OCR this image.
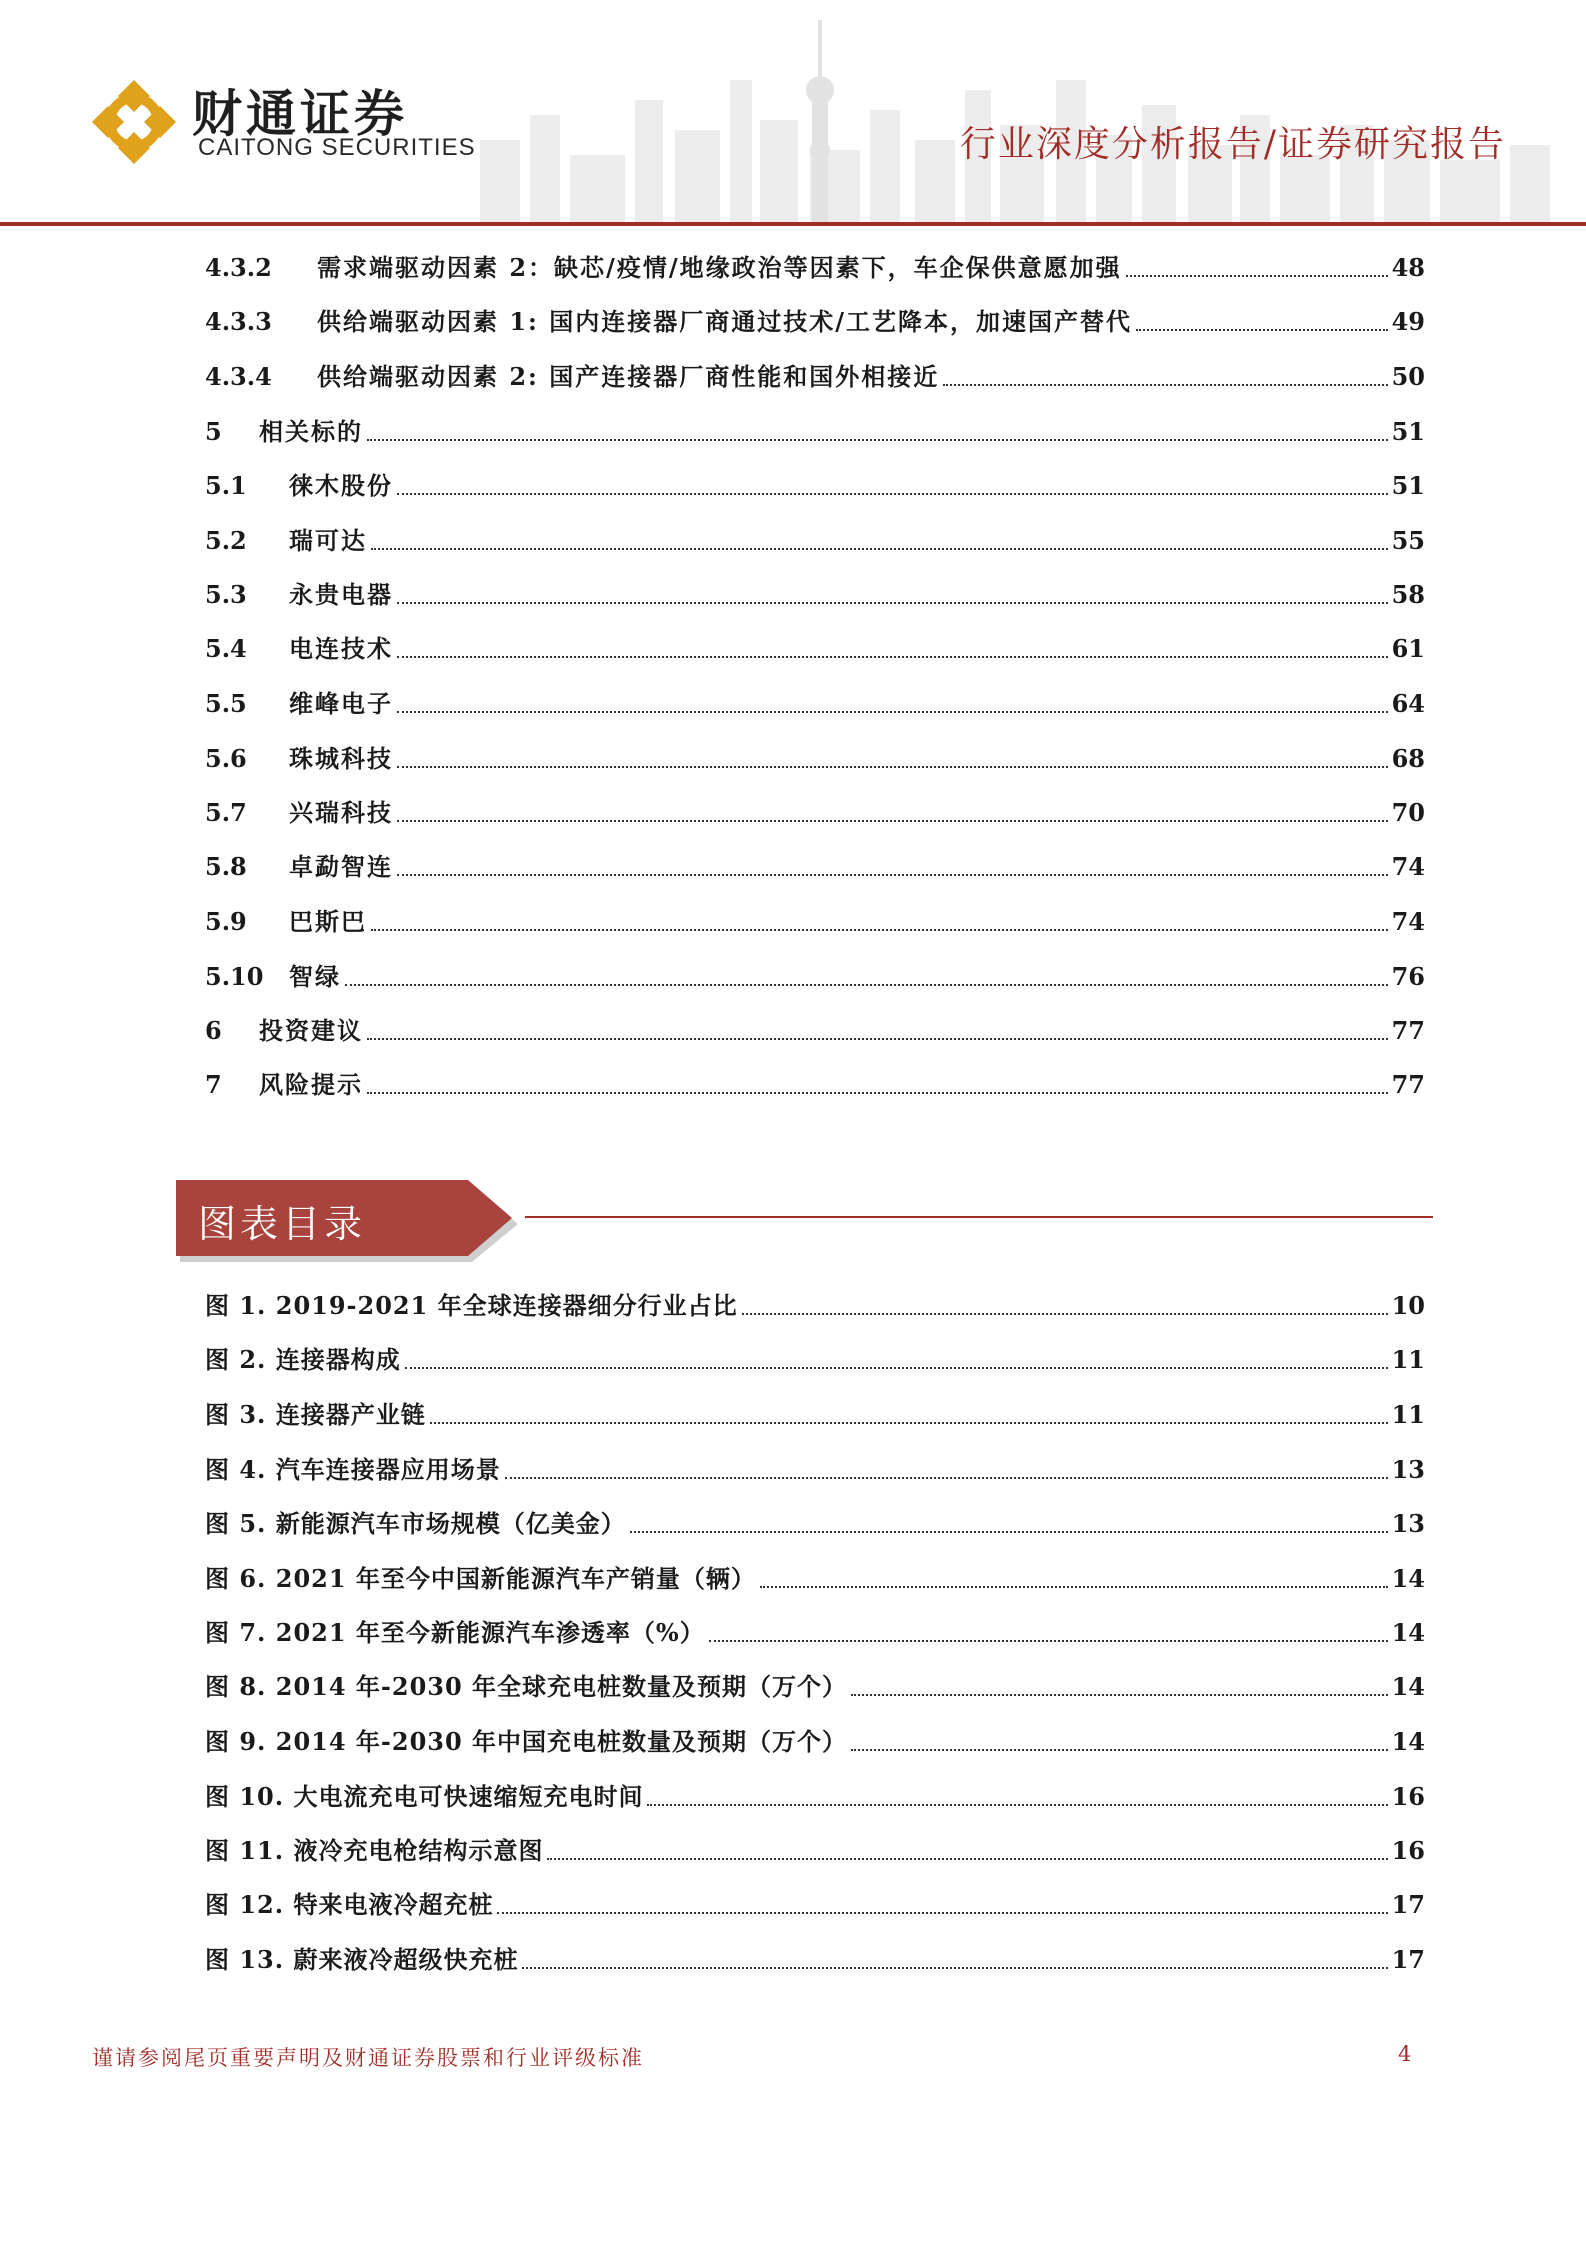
财通证券
CAITONG SECURITIES	行业深度分析报告/证券研究报告
4.3.2	需求端驱动因素 2：缺芯/疫情/地缘政治等因素下，车企保供意愿加强	48
4.3.3	供给端驱动因素 1: 国内连接器厂商通过技术/工艺降本，加速国产替代	49
4.3.4	供给端驱动因素 2: 国产连接器厂商性能和国外相接近	50
5	相关标的	51
5.1	徕木股份	51
5.2	瑞可达	55
5.3	永贵电器	58
5.4	电连技术	61
5.5	维峰电子	64
5.6	珠城科技	68
5.7	兴瑞科技	70
5.8	卓勐智连	74
5.9	巴斯巴	74
5.10	智绿	76
6	投资建议	77
7	风险提示	77
图表目录
图 1. 2019-2021 年全球连接器细分行业占比	10
图 2. 连接器构成	11
图 3. 连接器产业链	11
图 4. 汽车连接器应用场景	13
图 5. 新能源汽车市场规模（亿美金）	13
图 6. 2021 年至今中国新能源汽车产销量（辆）	14
图 7. 2021 年至今新能源汽车渗透率（%）	14
图 8. 2014 年-2030 年全球充电桩数量及预期（万个）	14
图 9. 2014 年-2030 年中国充电桩数量及预期（万个）	14
图 10. 大电流充电可快速缩短充电时间	16
图 11. 液冷充电枪结构示意图	16
图 12. 特来电液冷超充桩	17
图 13. 蔚来液冷超级快充桩	17
谨请参阅尾页重要声明及财通证券股票和行业评级标准	4
